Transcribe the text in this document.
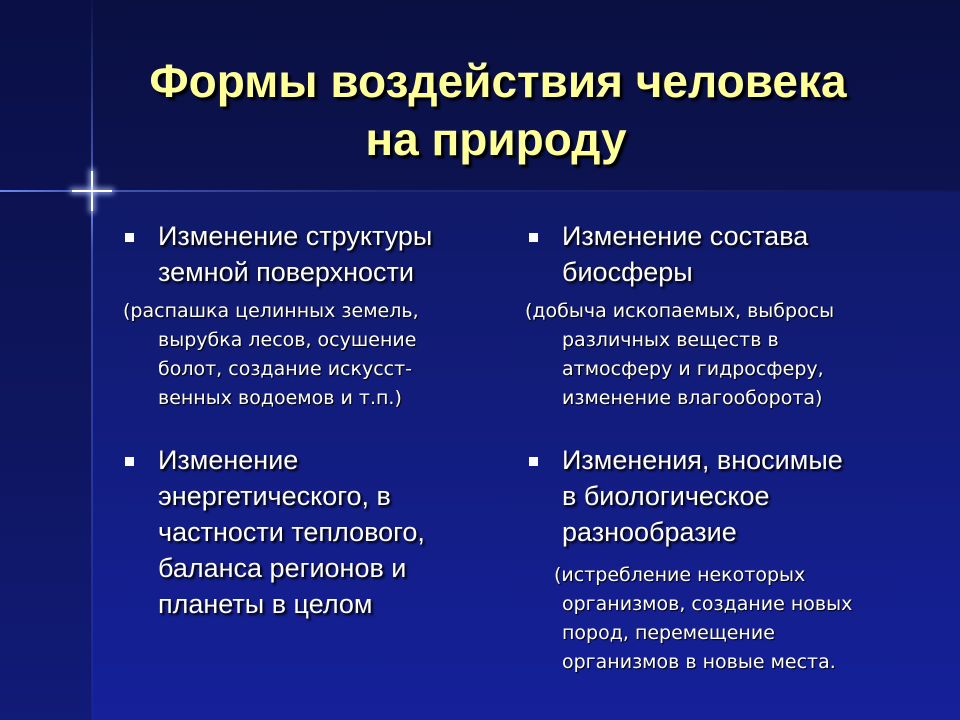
Формы воздействия человека
на природу
Изменение структуры
земной поверхности
(распашка целинных земель,
вырубка лесов, осушение
болот, создание искусст-
венных водоемов и т.п.)
Изменение состава
биосферы
(добыча ископаемых, выбросы
различных веществ в
атмосферу и гидросферу,
изменение влагооборота)
Изменение
энергетического, в
частности теплового,
баланса регионов и
планеты в целом
Изменения, вносимые
в биологическое
разнообразие
(истребление некоторых
организмов, создание новых
пород, перемещение
организмов в новые места.
